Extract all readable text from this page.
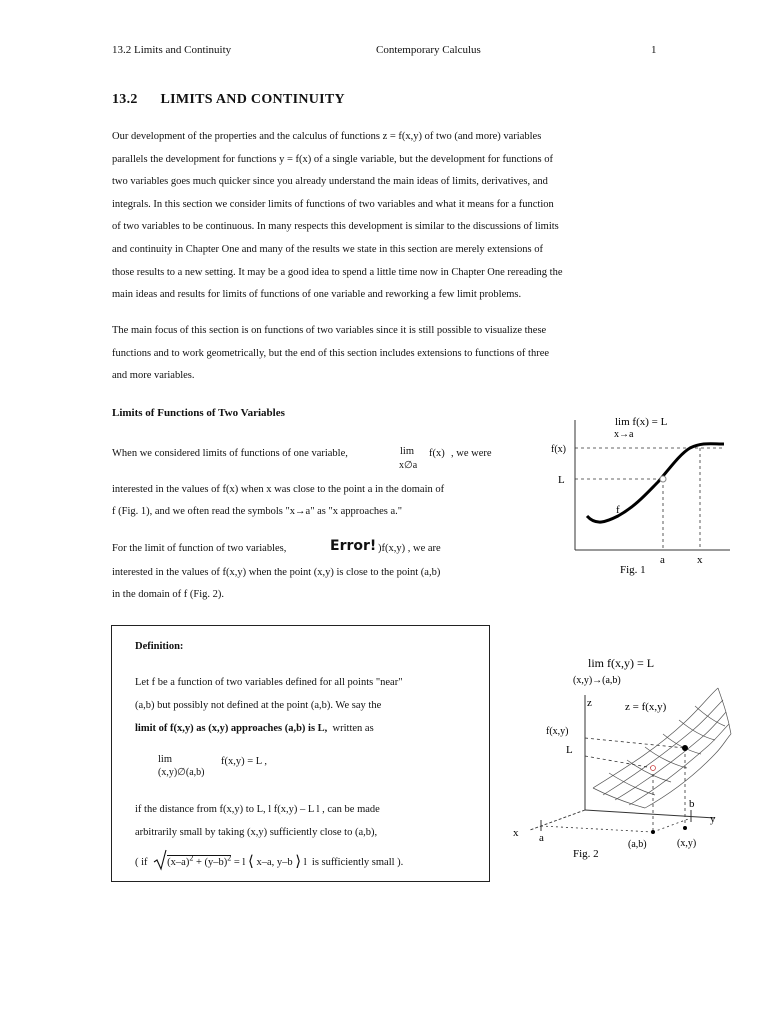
13.2 Limits and Continuity	Contemporary Calculus	1
13.2      LIMITS AND CONTINUITY
Our development of the properties and the calculus of functions z = f(x,y) of two (and more) variables
parallels the development for functions y = f(x) of a single variable, but the development for functions of
two variables goes much quicker since you already understand the main ideas of limits, derivatives, and
integrals. In this section we consider limits of functions of two variables and what it means for a function
of two variables to be continuous. In many respects this development is similar to the discussions of limits
and continuity in Chapter One and many of the results we state in this section are merely extensions of
those results to a new setting. It may be a good idea to spend a little time now in Chapter One rereading the
main ideas and results for limits of functions of one variable and reworking a few limit problems.
The main focus of this section is on functions of two variables since it is still possible to visualize these
functions and to work geometrically, but the end of this section includes extensions to functions of three
and more variables.
Limits of Functions of Two Variables
When we considered limits of functions of one variable,	lim
x∅a
f(x) , we were
interested in the values of f(x) when x was close to the point a in the domain of
f (Fig. 1), and we often read the symbols "x→a" as "x approaches a."
For the limit of function of two variables,	Error! )f(x,y) , we are
interested in the values of f(x,y) when the point (x,y) is close to the point (a,b)
in the domain of f (Fig. 2).
Definition:
Let f be a function of two variables defined for all points "near"
(a,b) but possibly not defined at the point (a,b). We say the
limit of f(x,y) as (x,y) approaches (a,b) is L,  written as
lim
(x,y)∅(a,b)
f(x,y) = L ,
if the distance from f(x,y) to L, l f(x,y) – L l , can be made
arbitrarily small by taking (x,y) sufficiently close to (a,b),
( if $(x-a)^2 + (y-b)^2 = l$ ⟨ x–a, y–b ⟩ l  is sufficiently small ).
lim f(x) = L
x→a
f(x)
L
f
a	x
Fig. 1
lim f(x,y) = L
(x,y)→(a,b)
z	z = f(x,y)
f(x,y)
L
b
y
x a
(a,b)	(x,y)
Fig. 2
